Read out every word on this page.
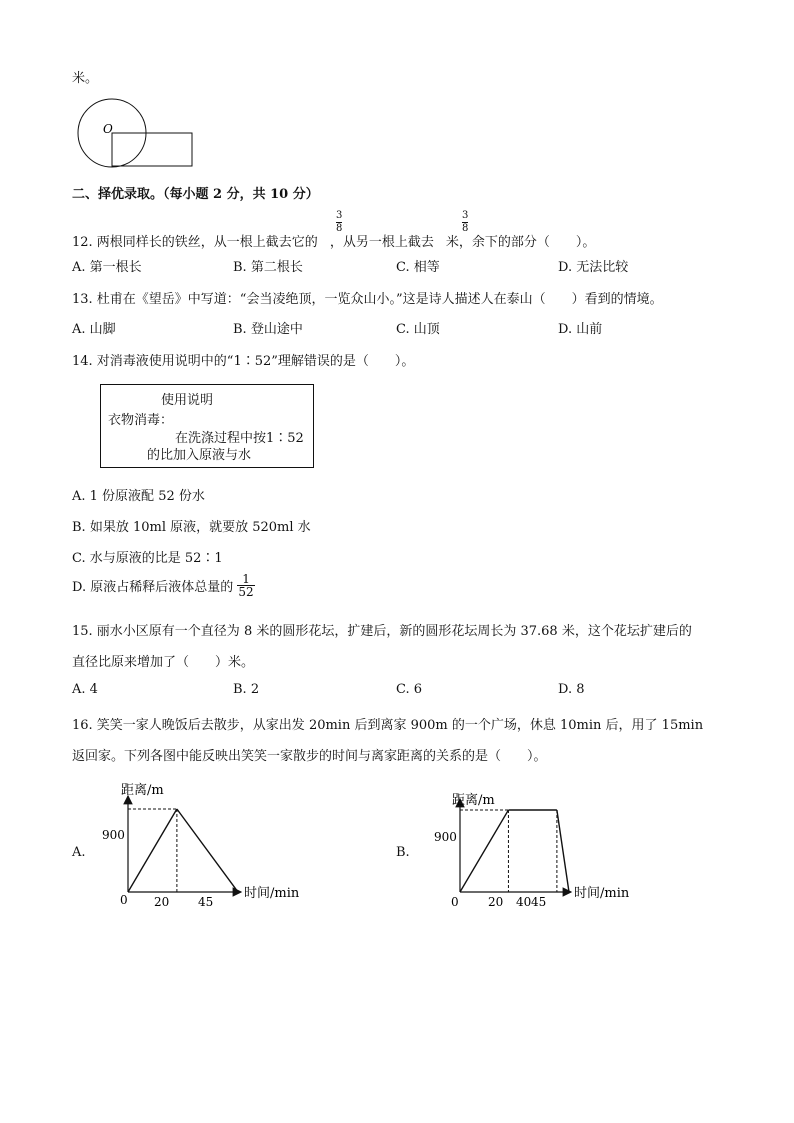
米。
O
二、择优录取。（每小题 2 分，共 10 分）
12. 两根同样长的铁丝，从一根上截去它的 ，从另一根上截去 米，余下的部分（　　）。
3
8
3
8
A. 第一根长	B. 第二根长	C. 相等	D. 无法比较
13. 杜甫在《望岳》中写道：“会当凌绝顶，一览众山小。”这是诗人描述人在泰山（　　）看到的情境。
A. 山脚	B. 登山途中	C. 山顶	D. 山前
14. 对消毒液使用说明中的“1∶52”理解错误的是（　　）。
使用说明
衣物消毒：
在洗涤过程中按1∶52
的比加入原液与水
A. 1 份原液配 52 份水
B. 如果放 10ml 原液，就要放 520ml 水
C. 水与原液的比是 52∶1
D. 原液占稀释后液体总量的 $\frac{1}{52}$
15. 丽水小区原有一个直径为 8 米的圆形花坛，扩建后，新的圆形花坛周长为 37.68 米，这个花坛扩建后的
直径比原来增加了（　　）米。
A. 4	B. 2	C. 6	D. 8
16. 笑笑一家人晚饭后去散步，从家出发 20min 后到离家 900m 的一个广场，休息 10min 后，用了 15min
返回家。下列各图中能反映出笑笑一家散步的时间与离家距离的关系的是（　　）。
A.
距离/m
时间/min
0
900
20 45
B.
距离/m
时间/min
0
900
20 40 45
